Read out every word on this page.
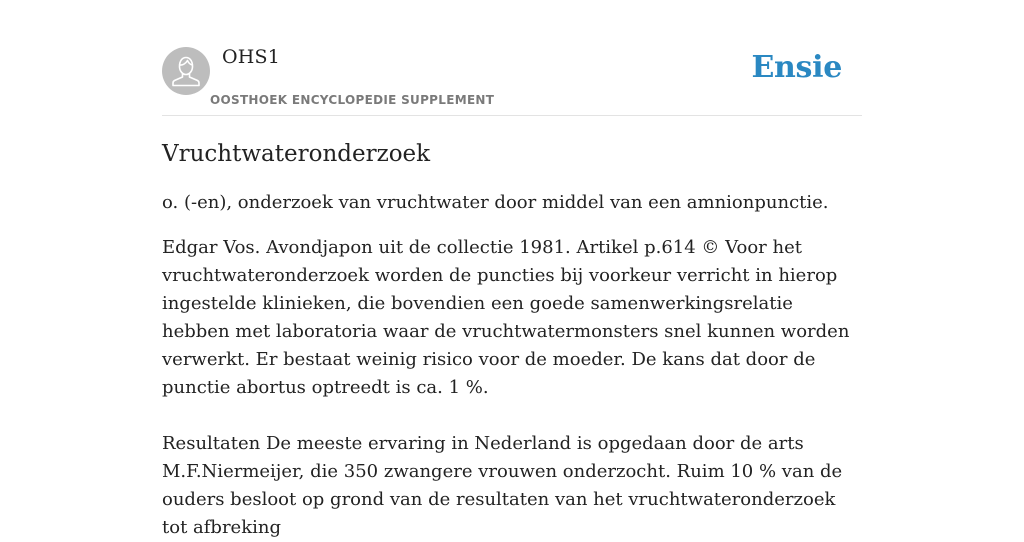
OHS1
OOSTHOEK ENCYCLOPEDIE SUPPLEMENT
Ensie
Vruchtwateronderzoek

o. (-en), onderzoek van vruchtwater door middel van een amnionpunctie.

Edgar Vos. Avondjapon uit de collectie 1981. Artikel p.614 © Voor het vruchtwateronderzoek worden de puncties bij voorkeur verricht in hierop ingestelde klinieken, die bovendien een goede samenwerkingsrelatie hebben met laboratoria waar de vruchtwatermonsters snel kunnen worden verwerkt. Er bestaat weinig risico voor de moeder. De kans dat door de punctie abortus optreedt is ca. 1 %.

Resultaten De meeste ervaring in Nederland is opgedaan door de arts M.F.Niermeijer, die 350 zwangere vrouwen onderzocht. Ruim 10 % van de ouders besloot op grond van de resultaten van het vruchtwateronderzoek tot afbreking
